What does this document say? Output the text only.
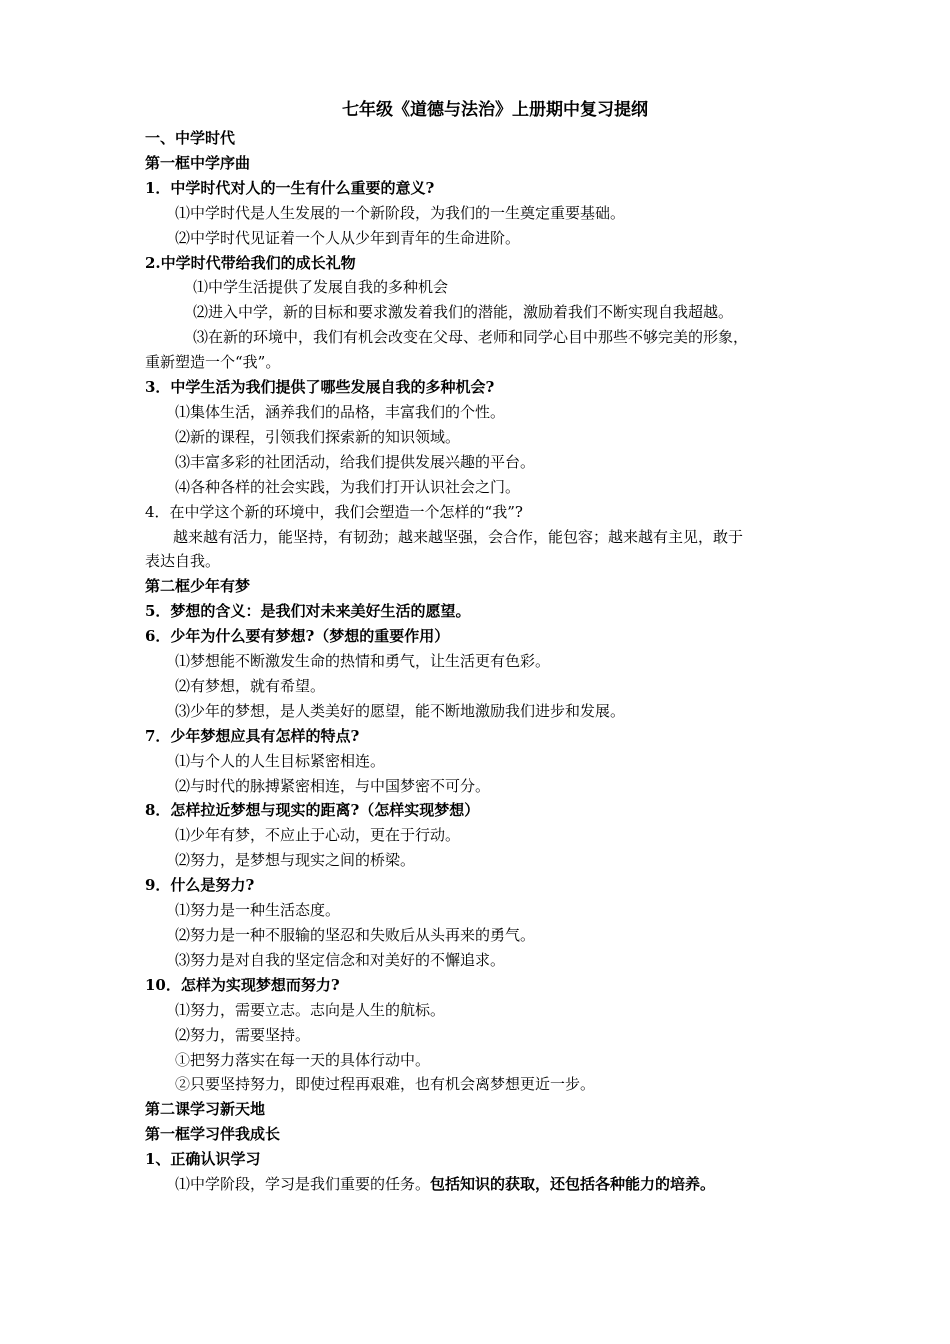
七年级《道德与法治》上册期中复习提纲
一、中学时代
第一框中学序曲
1．中学时代对人的一生有什么重要的意义?
⑴中学时代是人生发展的一个新阶段，为我们的一生奠定重要基础。
⑵中学时代见证着一个人从少年到青年的生命进阶。
2.中学时代带给我们的成长礼物
⑴中学生活提供了发展自我的多种机会
⑵进入中学，新的目标和要求激发着我们的潜能，激励着我们不断实现自我超越。
⑶在新的环境中，我们有机会改变在父母、老师和同学心目中那些不够完美的形象，
重新塑造一个“我”。
3．中学生活为我们提供了哪些发展自我的多种机会?
⑴集体生活，涵养我们的品格，丰富我们的个性。
⑵新的课程，引领我们探索新的知识领域。
⑶丰富多彩的社团活动，给我们提供发展兴趣的平台。
⑷各种各样的社会实践，为我们打开认识社会之门。
4．在中学这个新的环境中，我们会塑造一个怎样的“我”?
越来越有活力，能坚持，有韧劲；越来越坚强，会合作，能包容；越来越有主见，敢于
表达自我。
第二框少年有梦
5．梦想的含义：是我们对未来美好生活的愿望。
6．少年为什么要有梦想?（梦想的重要作用）
⑴梦想能不断激发生命的热情和勇气，让生活更有色彩。
⑵有梦想，就有希望。
⑶少年的梦想，是人类美好的愿望，能不断地激励我们进步和发展。
7．少年梦想应具有怎样的特点?
⑴与个人的人生目标紧密相连。
⑵与时代的脉搏紧密相连，与中国梦密不可分。
8．怎样拉近梦想与现实的距离?（怎样实现梦想）
⑴少年有梦，不应止于心动，更在于行动。
⑵努力，是梦想与现实之间的桥梁。
9．什么是努力?
⑴努力是一种生活态度。
⑵努力是一种不服输的坚忍和失败后从头再来的勇气。
⑶努力是对自我的坚定信念和对美好的不懈追求。
10．怎样为实现梦想而努力?
⑴努力，需要立志。志向是人生的航标。
⑵努力，需要坚持。
①把努力落实在每一天的具体行动中。
②只要坚持努力，即使过程再艰难，也有机会离梦想更近一步。
第二课学习新天地
第一框学习伴我成长
1、正确认识学习
⑴中学阶段，学习是我们重要的任务。包括知识的获取，还包括各种能力的培养。
